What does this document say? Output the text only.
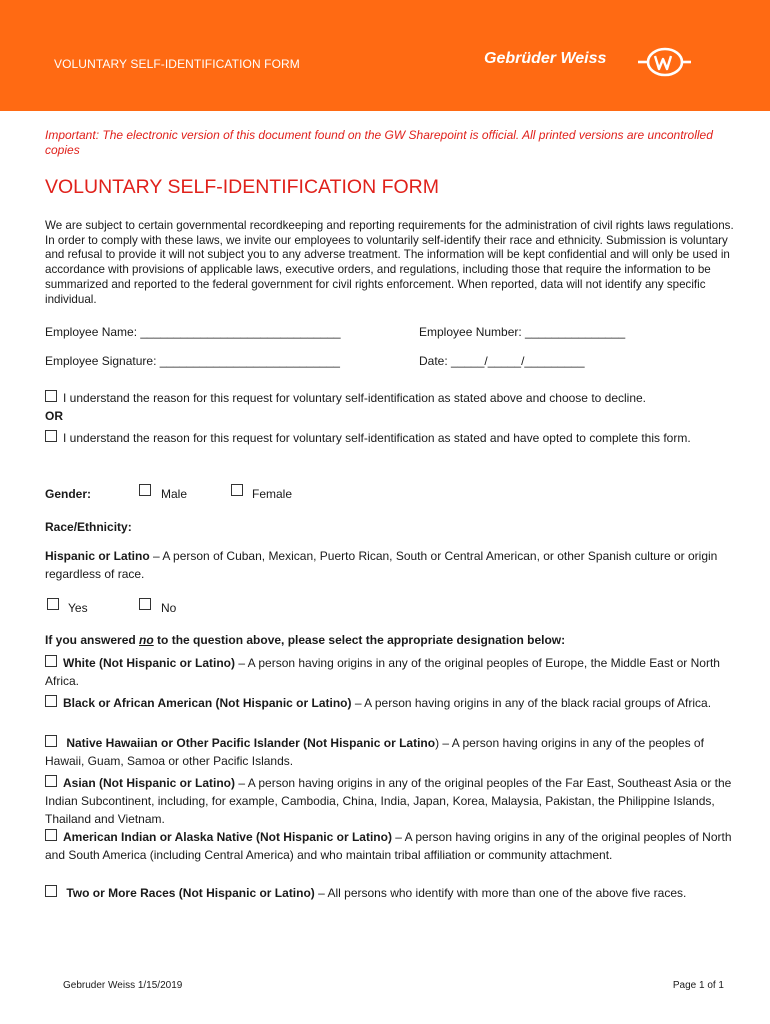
VOLUNTARY SELF-IDENTIFICATION FORM	Gebrüder Weiss
Important: The electronic version of this document found on the GW Sharepoint is official. All printed versions are uncontrolled copies
VOLUNTARY SELF-IDENTIFICATION FORM
We are subject to certain governmental recordkeeping and reporting requirements for the administration of civil rights laws regulations. In order to comply with these laws, we invite our employees to voluntarily self-identify their race and ethnicity. Submission is voluntary and refusal to provide it will not subject you to any adverse treatment. The information will be kept confidential and will only be used in accordance with provisions of applicable laws, executive orders, and regulations, including those that require the information to be summarized and reported to the federal government for civil rights enforcement. When reported, data will not identify any specific individual.
Employee Name: ______________________________	Employee Number: _______________
Employee Signature: ___________________________	Date: _____/_____/_________
I understand the reason for this request for voluntary self-identification as stated above and choose to decline.
OR
I understand the reason for this request for voluntary self-identification as stated and have opted to complete this form.
Gender:	Male	Female
Race/Ethnicity:
Hispanic or Latino – A person of Cuban, Mexican, Puerto Rican, South or Central American, or other Spanish culture or origin regardless of race.
Yes	No
If you answered no to the question above, please select the appropriate designation below:
White (Not Hispanic or Latino) – A person having origins in any of the original peoples of Europe, the Middle East or North Africa.
Black or African American (Not Hispanic or Latino) – A person having origins in any of the black racial groups of Africa.
Native Hawaiian or Other Pacific Islander (Not Hispanic or Latino) – A person having origins in any of the peoples of Hawaii, Guam, Samoa or other Pacific Islands.
Asian (Not Hispanic or Latino) – A person having origins in any of the original peoples of the Far East, Southeast Asia or the Indian Subcontinent, including, for example, Cambodia, China, India, Japan, Korea, Malaysia, Pakistan, the Philippine Islands, Thailand and Vietnam.
American Indian or Alaska Native (Not Hispanic or Latino) – A person having origins in any of the original peoples of North and South America (including Central America) and who maintain tribal affiliation or community attachment.
Two or More Races (Not Hispanic or Latino) – All persons who identify with more than one of the above five races.
Gebruder Weiss 1/15/2019	Page 1 of 1
